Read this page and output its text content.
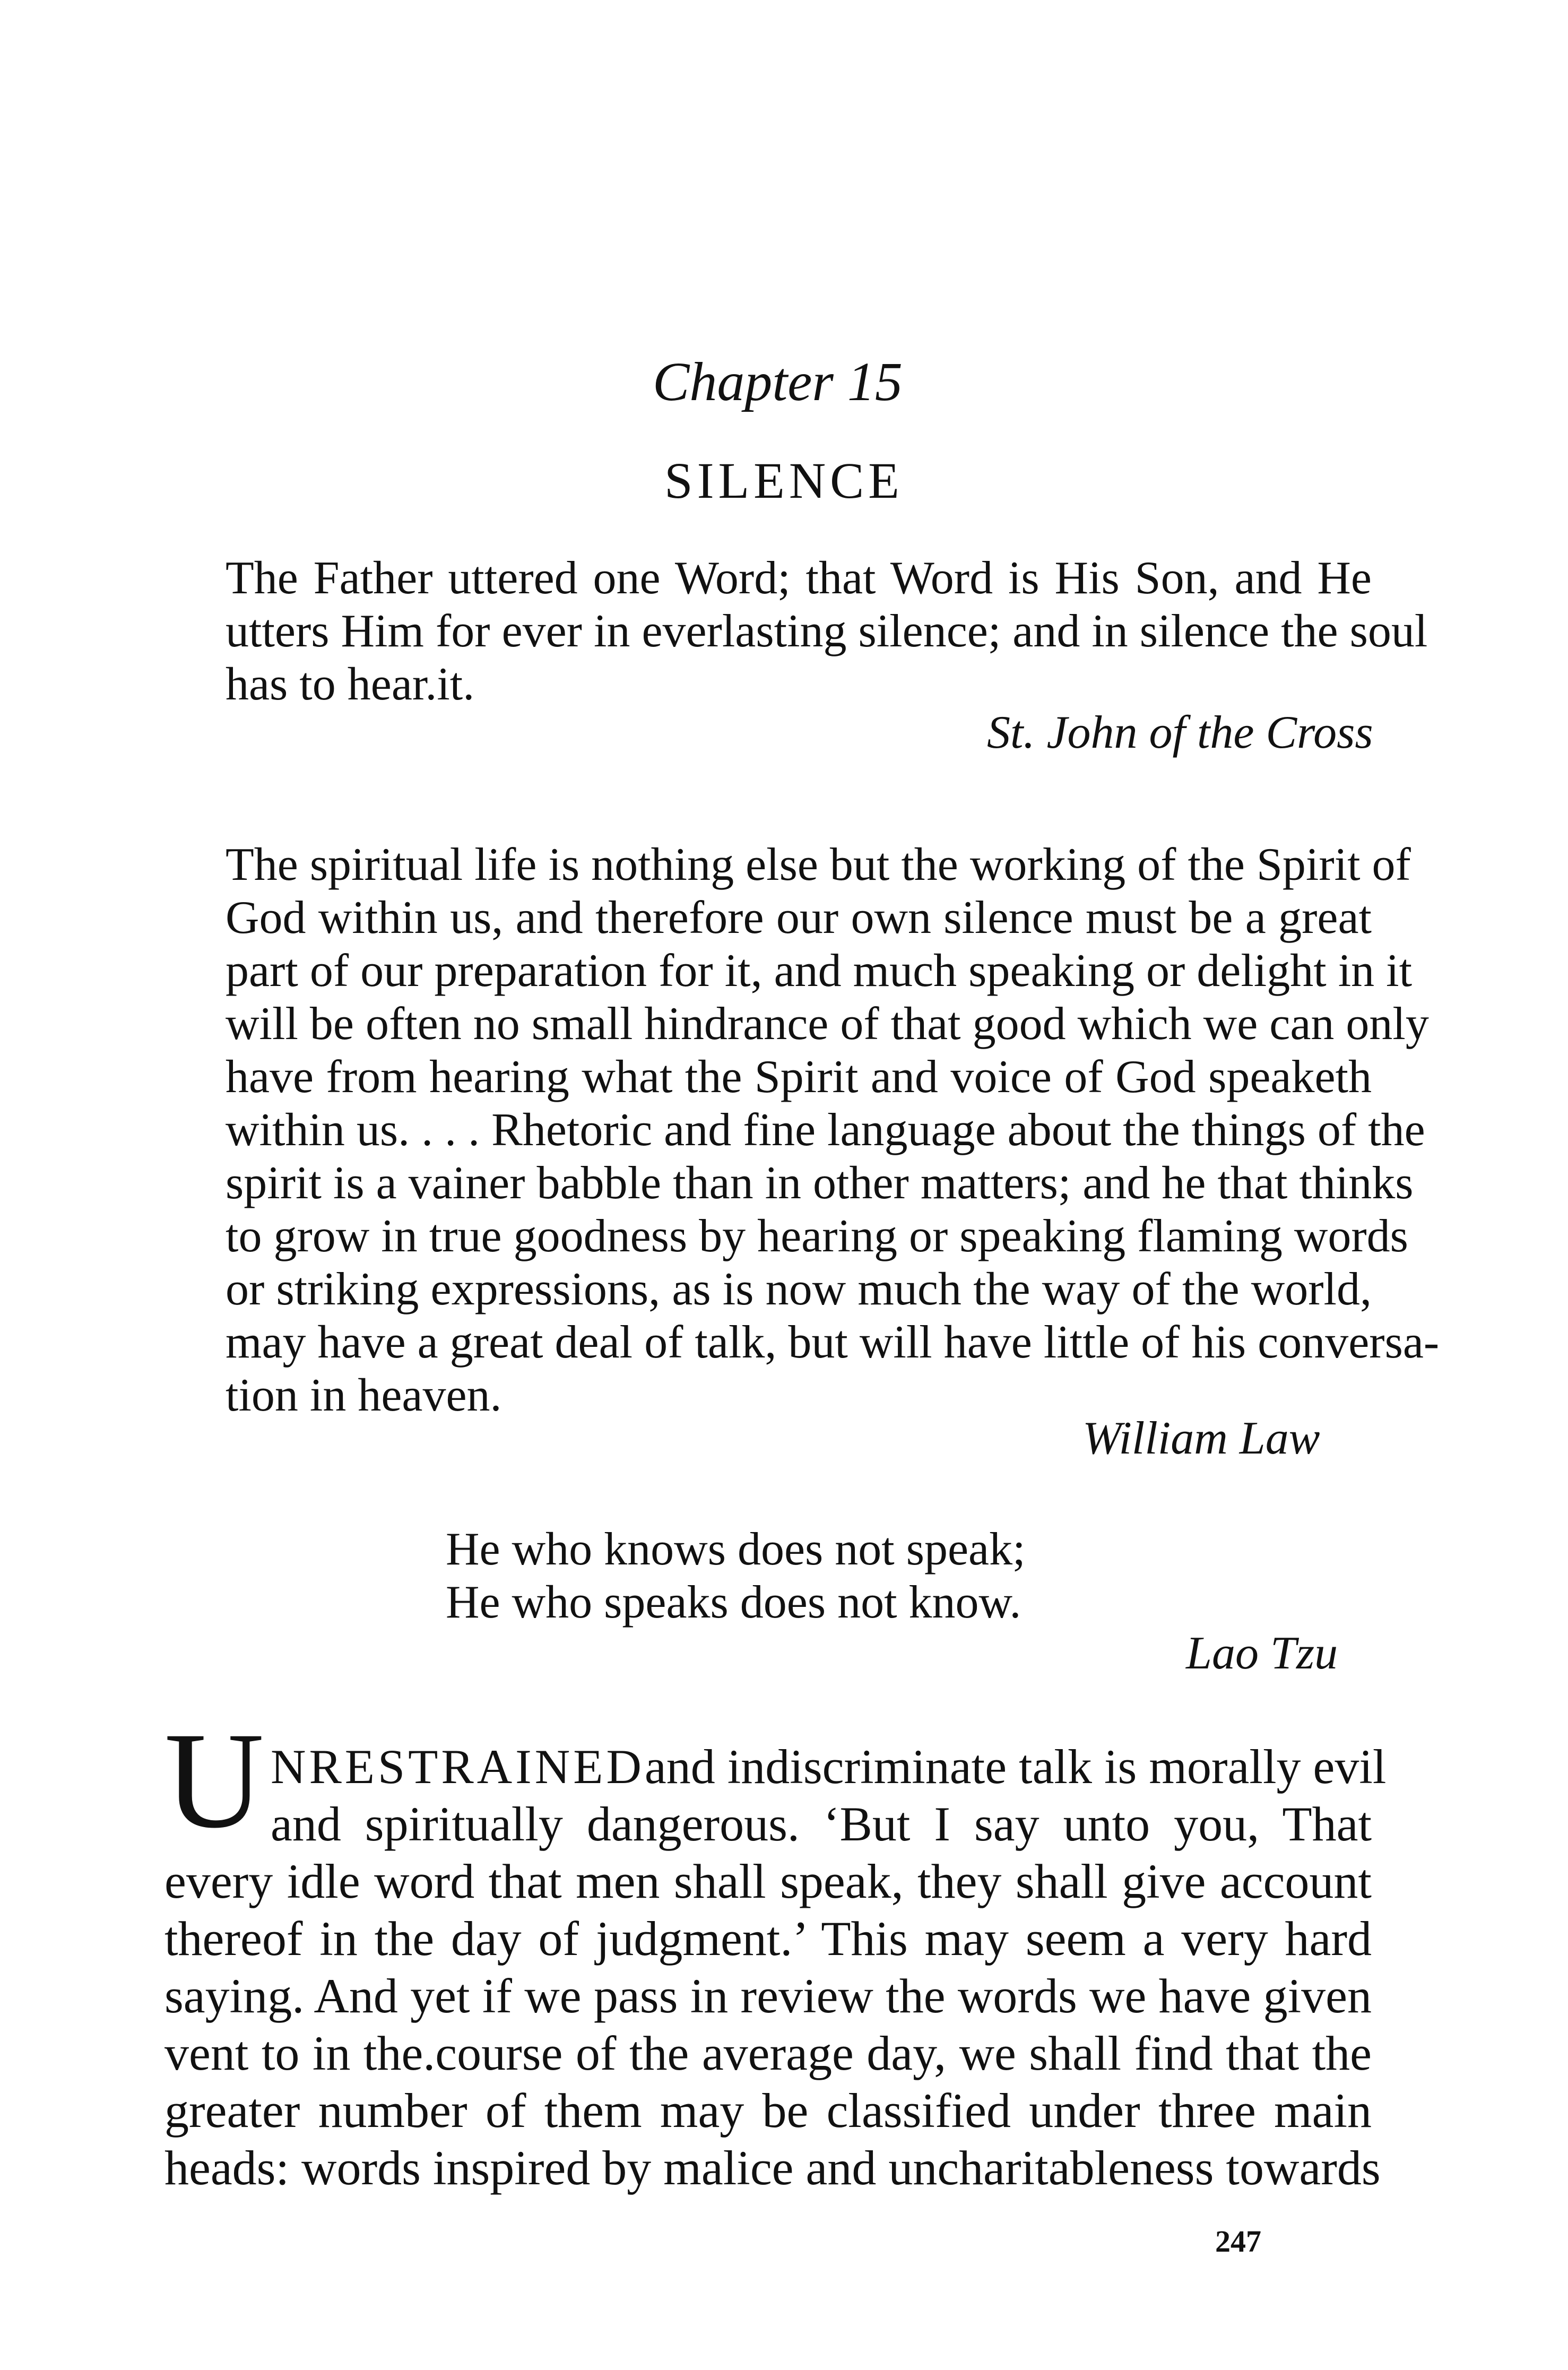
Chapter 15
SILENCE
The Father uttered one Word; that Word is His Son, and He
utters Him for ever in everlasting silence; and in silence the soul
has to hear.it.
St. John of the Cross
The spiritual life is nothing else but the working of the Spirit of
God within us, and therefore our own silence must be a great
part of our preparation for it, and much speaking or delight in it
will be often no small hindrance of that good which we can only
have from hearing what the Spirit and voice of God speaketh
within us. . . . Rhetoric and fine language about the things of the
spirit is a vainer babble than in other matters; and he that thinks
to grow in true goodness by hearing or speaking flaming words
or striking expressions, as is now much the way of the world,
may have a great deal of talk, but will have little of his conversa-
tion in heaven.
William Law
He who knows does not speak;
He who speaks does not know.
Lao Tzu
U NRESTRAINEDand indiscriminate talk is morally evil
and spiritually dangerous. ‘But I say unto you, That
every idle word that men shall speak, they shall give account
thereof in the day of judgment.’ This may seem a very hard
saying. And yet if we pass in review the words we have given
vent to in the.course of the average day, we shall find that the
greater number of them may be classified under three main
heads: words inspired by malice and uncharitableness towards
247
